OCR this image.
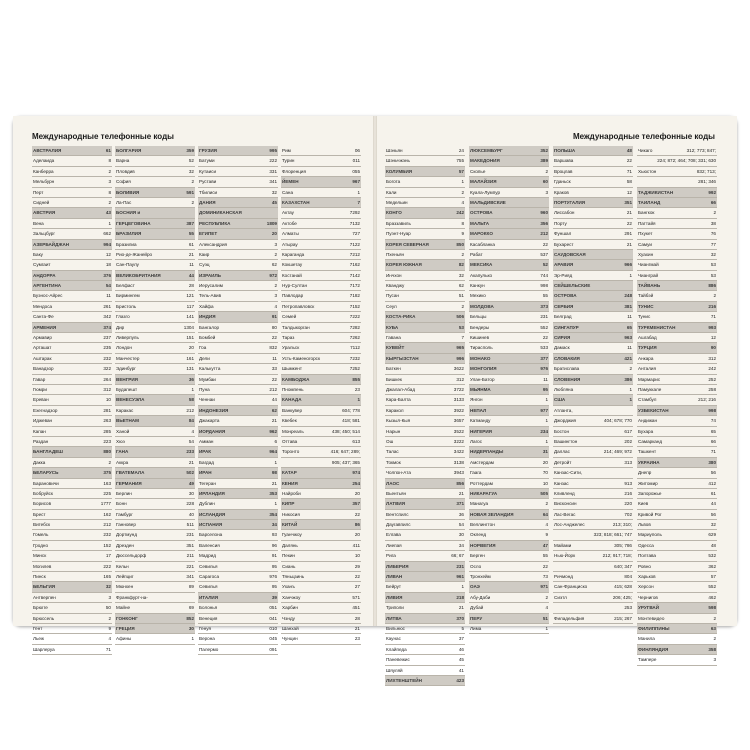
Международные телефонные коды
АВСТРАЛИЯ	61
Аделаида	8
Канберра	2
Мельбурн	3
Перт	8
Сидней	2
АВСТРИЯ	43
Вена	1
Зальцбург	662
АЗЕРБАЙДЖАН	994
Баку	12
Сумгаит	18
АНДОРРА	376
АРГЕНТИНА	54
Буэнос-Айрес	11
Мендоса	261
Санта-Фе	342
АРМЕНИЯ	374
Армавир	237
Арташат	235
Аштарак	232
Ванадзор	322
Гавар	264
Гюмри	312
Ереван	10
Ехегнадзор	281
Иджеван	263
Капан	285
Раздан	223
БАНГЛАДЕШ	880
Дакка	2
БЕЛАРУСЬ	375
Барановичи	163
Бобруйск	225
Борисов	1777
Брест	162
Витебск	212
Гомель	232
Гродно	152
Минск	17
Могилев	222
Пинск	165
БЕЛЬГИЯ	32
Антверпен	3
Брюгге	50
Брюссель	2
Гент	9
Льеж	4
Шарлеруа	71
БОЛГАРИЯ	359
Варна	52
Пловдив	32
София	2
БОЛИВИЯ	591
Ла-Пас	2
БОСНИЯ и
ГЕРЦЕГОВИНА	387
БРАЗИЛИЯ	55
Бразилиа	61
Рио-де-Жанейро	21
Сан-Паулу	11
ВЕЛИКОБРИТАНИЯ	44
Белфаст	28
Бирмингем	121
Бристоль	117
Глазго	141
Дир	1304
Ливерпуль	151
Лондон	20
Манчестер	161
Эдинбург	131
ВЕНГРИЯ	36
Будапешт	1
ВЕНЕСУЭЛА	58
Каракас	212
ВЬЕТНАМ	84
Ханой	4
Хюэ	54
ГАНА	233
Аккра	21
ГВАТЕМАЛА	502
ГЕРМАНИЯ	49
Берлин	30
Бонн	228
Гамбург	40
Ганновер	511
Дортмунд	231
Дрезден	351
Дюссельдорф	211
Кельн	221
Лейпциг	341
Мюнхен	89
Франкфурт-на-
Майне	69
ГОНКОНГ	852
ГРЕЦИЯ	30
Афины	1
ГРУЗИЯ	995
Батуми	222
Кутаиси	331
Рустави	341
Тбилиси	32
ДАНИЯ	45
ДОМИНИКАНСКАЯ
РЕСПУБЛИКА	1809
ЕГИПЕТ	20
Александрия	3
Каир	2
Суэц	62
ИЗРАИЛЬ	972
Иерусалим	2
Тель-Авив	3
Хайфа	4
ИНДИЯ	91
Бангалор	80
Бомбей	22
Гоа	832
Дели	11
Калькутта	33
Мумбаи	22
Пуна	212
Ченнаи	44
ИНДОНЕЗИЯ	62
Джакарта	21
ИОРДАНИЯ	962
Амман	6
ИРАК	964
Багдад	1
ИРАН	98
Тегеран	21
ИРЛАНДИЯ	353
Дублин	1
ИСЛАНДИЯ	354
ИСПАНИЯ	34
Барселона	93
Валенсия	96
Мадрид	91
Севилья	95
Сарагоса	976
Севилья	95
ИТАЛИЯ	39
Болонья	051
Венеция	041
Генуя	010
Верона	045
Палермо	091
Рим	06
Турин	011
Флоренция	055
ЙЕМЕН	967
Сана	1
КАЗАХСТАН	7
Актау	7292
Актобе	7132
Алматы	727
Атырау	7122
Караганда	7212
Кокшетау	7162
Костанай	7142
Нур-Султан	7172
Павлодар	7182
Петропавловск	7152
Семей	7222
Талдыкорган	7282
Тараз	7262
Уральск	7112
Усть-Каменогорск	7232
Шымкент	7252
КАМБОДЖА	855
Пномпень	23
КАНАДА	1
Ванкувер	604; 778
Квебек	418; 581
Монреаль	438; 450; 514
Оттава	613
Торонто	416; 647; 289;
905; 437; 365
КАТАР	974
КЕНИЯ	254
Найроби	20
КИПР	357
Никосия	22
КИТАЙ	86
Гуанчжоу	20
Далянь	411
Пекин	10
Сиань	29
Тяньцзинь	22
Уханъ	27
Ханчжоу	571
Харбин	451
Чэнду	28
Шанхай	21
Чунцин	23
Международные телефонные коды
Шэньян	24
Шэньчжэнь	755
КОЛУМБИЯ	57
Богота	1
Кали	2
Медельин	4
КОНГО	242
Браззавиль	8
Пуэнт-Нуар	9
КОРЕЯ СЕВЕРНАЯ	850
Пхеньян	2
КОРЕЯ ЮЖНАЯ	82
Инчхон	32
Кванджу	62
Пусан	51
Сеул	2
КОСТА-РИКА	506
КУБА	53
Гавана	7
КУВЕЙТ	965
КЫРГЫЗСТАН	996
Баткен	3622
Бишкек	312
Джалал-Абад	3722
Кара-Балта	3133
Каракол	3922
Кызыл-Кыя	3657
Нарын	3522
Ош	3222
Талас	3422
Токмок	3138
Чолпон-Ата	3943
ЛАОС	856
Вьентьян	21
ЛАТВИЯ	371
Вентспилс	36
Даугавпилс	54
Елгава	30
Лиепая	34
Рига	66; 67
ЛИБЕРИЯ	231
ЛИВАН	961
Бейрут	1
ЛИВИЯ	218
Триполи	21
ЛИТВА	370
Вильнюс	5
Каунас	37
Клайпеда	46
Паневежис	45
Шяуляй	41
ЛИХТЕНШТЕЙН	423
ЛЮКСЕМБУРГ	352
МАКЕДОНИЯ	389
Скопье	2
МАЛАЙЗИЯ	60
Куала-Лумпур	3
МАЛЬДИВСКИЕ
ОСТРОВА	960
МАЛЬТА	356
МАРОККО	212
Касабланка	22
Рабат	537
МЕКСИКА	52
Акапулько	744
Канкун	998
Мехико	55
МОЛДОВА	373
Бельцы	231
Бендеры	552
Кишинев	22
Тирасполь	533
МОНАКО	377
МОНГОЛИЯ	976
Улан-Батор	11
МЬЯНМА	95
Янгон	1
НЕПАЛ	977
Катманду	1
НИГЕРИЯ	234
Лагос	1
НИДЕРЛАНДЫ	31
Амстердам	20
Гаага	70
Роттердам	10
НИКАРАГУА	505
Манагуа	2
НОВАЯ ЗЕЛАНДИЯ	64
Веллингтон	4
Окленд	9
НОРВЕГИЯ	47
Берген	55
Осло	22
Тронхейм	73
ОАЭ	971
Абу-Даби	2
Дубай	4
ПЕРУ	51
Лима	1
ПОЛЬША	48
Варшава	22
Вроцлав	71
Гданьск	58
Краков	12
ПОРТУГАЛИЯ	351
Лиссабон	21
Порту	22
Фуншал	291
Бухарест	21
САУДОВСКАЯ
АРАВИЯ	966
Эр-Рияд	1
СЕЙШЕЛЬСКИЕ
ОСТРОВА	248
СЕРБИЯ	381
Белград	11
СИНГАПУР	65
СИРИЯ	963
Дамаск	11
СЛОВАКИЯ	421
Братислава	2
СЛОВЕНИЯ	386
Любляна	1
США	1
Атланта,
Джорджия	404; 678; 770
Бостон	617
Вашингтон	202
Даллас	214; 469; 972
Детройт	313
Канзас-Сити,
Канзас	913
Кливленд	216
Висконсин	220
Лас-Вегас	702
Лос-Анджелес	213; 310;
323; 818; 661; 747
Майами	305; 786
Нью-Йорк	212; 917; 718;
640; 347
Ричмонд	804
Сан-Франциско	415; 628
Сиэтл	206; 425;
253
Филадельфия	215; 267
Чикаго	312; 773; 847;
224; 872; 464; 708; 331; 630
Хьюстон	832; 713;
281; 346
ТАДЖИКИСТАН	992
ТАИЛАНД	66
Бангкок	2
Паттайя	38
Пхукет	76
Самуи	77
Хуахин	32
Чиангмай	53
Чианграй	53
ТАЙВАНЬ	886
Тайбэй	2
ТУНИС	216
Тунис	71
ТУРКМЕНИСТАН	993
Ашгабад	12
ТУРЦИЯ	90
Анкара	312
Анталия	242
Мармарис	252
Памуккале	258
Стамбул	212; 216
УЗБЕКИСТАН	998
Андижан	74
Бухара	65
Самарканд	66
Ташкент	71
УКРАИНА	380
Днепр	56
Житомир	412
Запорожье	61
Киев	44
Кривой Рог	56
Львов	32
Мариуполь	629
Одесса	48
Полтава	532
Ровно	362
Харьков	57
Херсон	552
Чернигов	462
УРУГВАЙ	598
Монтевидео	2
ФИЛИППИНЫ	63
Манила	2
ФИНЛЯНДИЯ	358
Тампере	3
